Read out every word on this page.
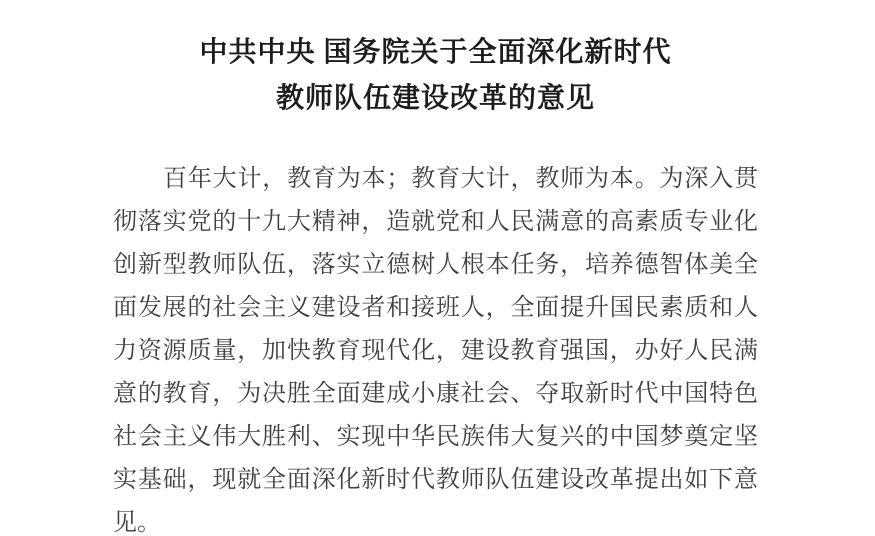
中共中央 国务院关于全面深化新时代
教师队伍建设改革的意见
百年大计，教育为本；教育大计，教师为本。为深入贯
彻落实党的十九大精神，造就党和人民满意的高素质专业化
创新型教师队伍，落实立德树人根本任务，培养德智体美全
面发展的社会主义建设者和接班人，全面提升国民素质和人
力资源质量，加快教育现代化，建设教育强国，办好人民满
意的教育，为决胜全面建成小康社会、夺取新时代中国特色
社会主义伟大胜利、实现中华民族伟大复兴的中国梦奠定坚
实基础，现就全面深化新时代教师队伍建设改革提出如下意
见。
